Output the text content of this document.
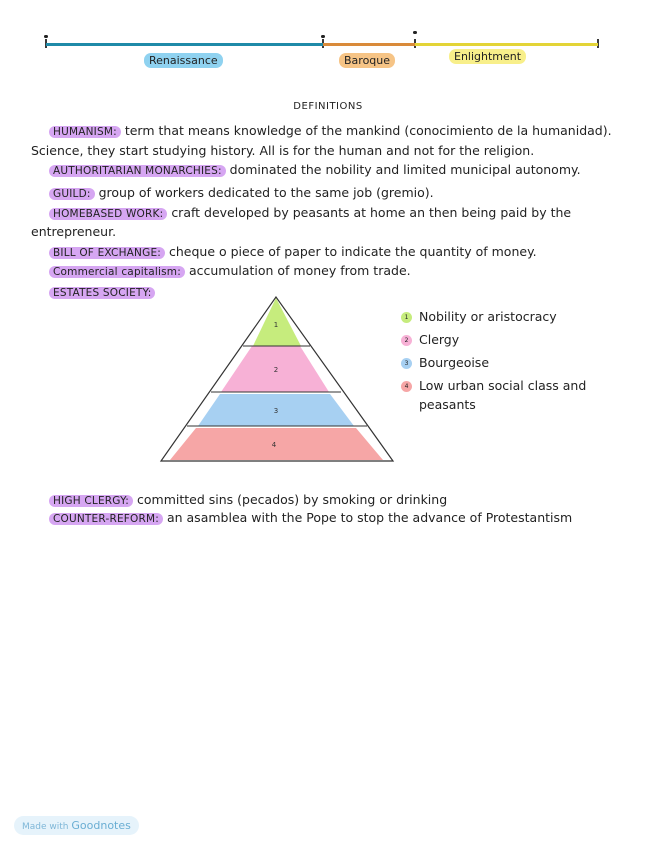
Renaissance	Baroque	Enlightment
DEFINITIONS
HUMANISM: term that means knowledge of the mankind (conocimiento de la humanidad).
Science, they start studying history. All is for the human and not for the religion.
AUTHORITARIAN MONARCHIES: dominated the nobility and limited municipal autonomy.
GUILD: group of workers dedicated to the same job (gremio).
HOMEBASED WORK: craft developed by peasants at home an then being paid by the
entrepreneur.
BILL OF EXCHANGE: cheque o piece of paper to indicate the quantity of money.
Commercial capitalism: accumulation of money from trade.
ESTATES SOCIETY:
1
2
3
4
1 Nobility or aristocracy
2 Clergy
3 Bourgeoise
4 Low urban social class and peasants
HIGH CLERGY: committed sins (pecados) by smoking or drinking
COUNTER-REFORM: an asamblea with the Pope to stop the advance of Protestantism
Made with Goodnotes
